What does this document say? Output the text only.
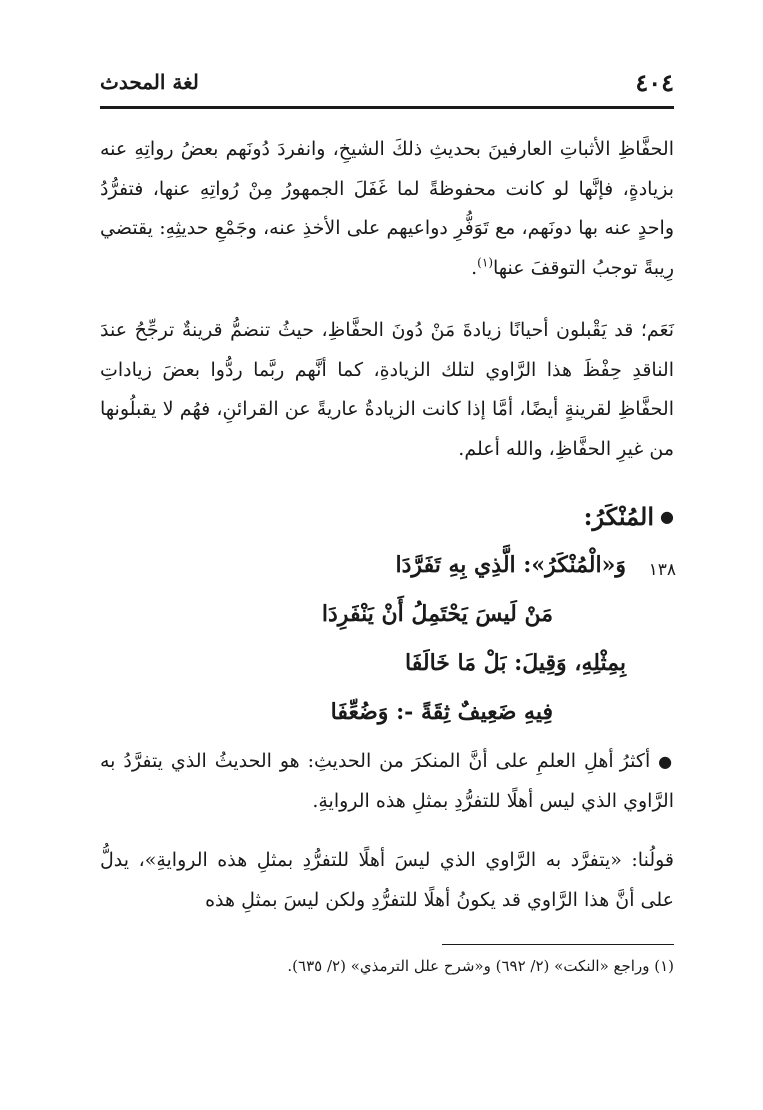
٤٠٤
لغة المحدث

الحفَّاظِ الأثباتِ العارفينَ بحديثِ ذلكَ الشيخِ، وانفردَ دُونَهم بعضُ رواتِهِ عنه بزيادةٍ، فإنَّها لو كانت محفوظةً لما غَفَلَ الجمهورُ مِنْ رُواتِهِ عنها، فتفرُّدُ واحدٍ عنه بها دونَهم، مع تَوَفُّرِ دواعيهم على الأخذِ عنه، وجَمْعِ حديثِهِ: يقتضي رِيبةً توجبُ التوقفَ عنها$^{(١)}$.

نَعَم؛ قد يَقْبلون أحيانًا زيادةَ مَنْ دُونَ الحفَّاظِ، حيثُ تنضمُّ قرينةٌ ترجِّحُ عندَ الناقدِ حِفْظَ هذا الرَّاوي لتلك الزيادةِ، كما أنَّهم ربَّما ردُّوا بعضَ زياداتِ الحفَّاظِ لقرينةٍ أيضًا، أمَّا إذا كانت الزيادةُ عاريةً عن القرائنِ، فهُم لا يقبلُونها من غيرِ الحفَّاظِ، والله أعلم.

●
المُنْكَرُ:
١٣٨

وَ«الْمُنْكَرُ»: الَّذِي بِهِ تَفَرَّدَا

مَنْ لَيسَ يَحْتَمِلُ أَنْ يَنْفَرِدَا

بِمِثْلِهِ، وَقِيلَ: بَلْ مَا خَالَفَا

فِيهِ ضَعِيفٌ ثِقَةً -: وَضُعِّفَا

● أكثرُ أهلِ العلمِ على أنَّ المنكرَ من الحديثِ: هو الحديثُ الذي يتفرَّدُ به الرَّاوي الذي ليس أهلًا للتفرُّدِ بمثلِ هذه الروايةِ.

قولُنا: «يتفرَّد به الرَّاوي الذي ليسَ أهلًا للتفرُّدِ بمثلِ هذه الروايةِ»، يدلُّ على أنَّ هذا الرَّاوي قد يكونُ أهلًا للتفرُّدِ ولكن ليسَ بمثلِ هذه

(١) وراجع «النكت» (٢/ ٦٩٢) و«شرح علل الترمذي» (٢/ ٦٣٥).
